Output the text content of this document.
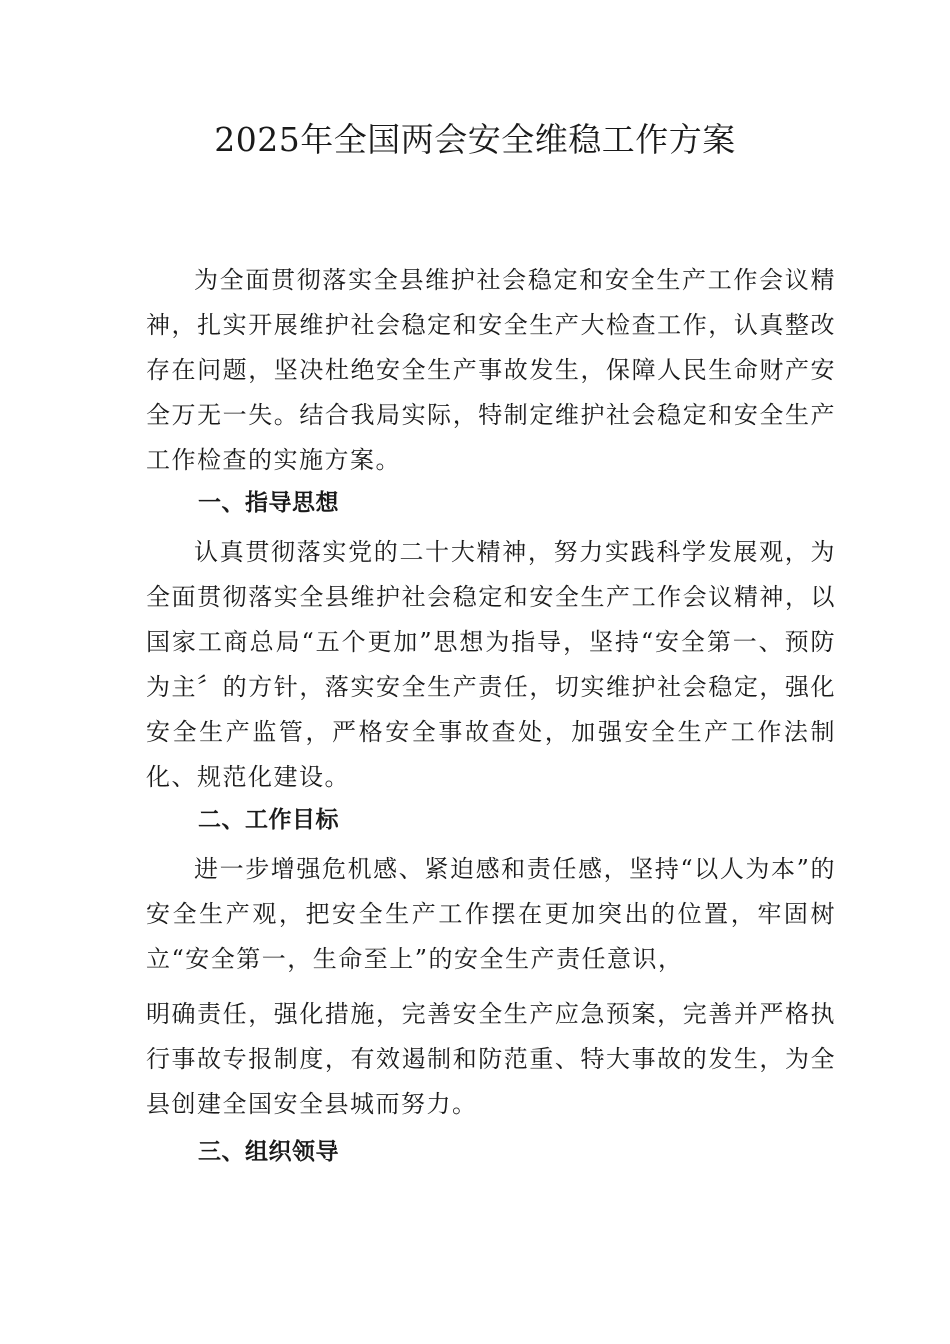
2025年全国两会安全维稳工作方案

为全面贯彻落实全县维护社会稳定和安全生产工作会议精神，扎实开展维护社会稳定和安全生产大检查工作，认真整改存在问题，坚决杜绝安全生产事故发生，保障人民生命财产安全万无一失。结合我局实际，特制定维护社会稳定和安全生产工作检查的实施方案。

一、指导思想

认真贯彻落实党的二十大精神，努力实践科学发展观，为全面贯彻落实全县维护社会稳定和安全生产工作会议精神，以国家工商总局“五个更加”思想为指导，坚持“安全第一、预防为主〞的方针，落实安全生产责任，切实维护社会稳定，强化安全生产监管，严格安全事故查处，加强安全生产工作法制化、规范化建设。

二、工作目标

进一步增强危机感、紧迫感和责任感，坚持“以人为本”的安全生产观，把安全生产工作摆在更加突出的位置，牢固树立“安全第一，生命至上”的安全生产责任意识，

明确责任，强化措施，完善安全生产应急预案，完善并严格执行事故专报制度，有效遏制和防范重、特大事故的发生，为全县创建全国安全县城而努力。

三、组织领导
